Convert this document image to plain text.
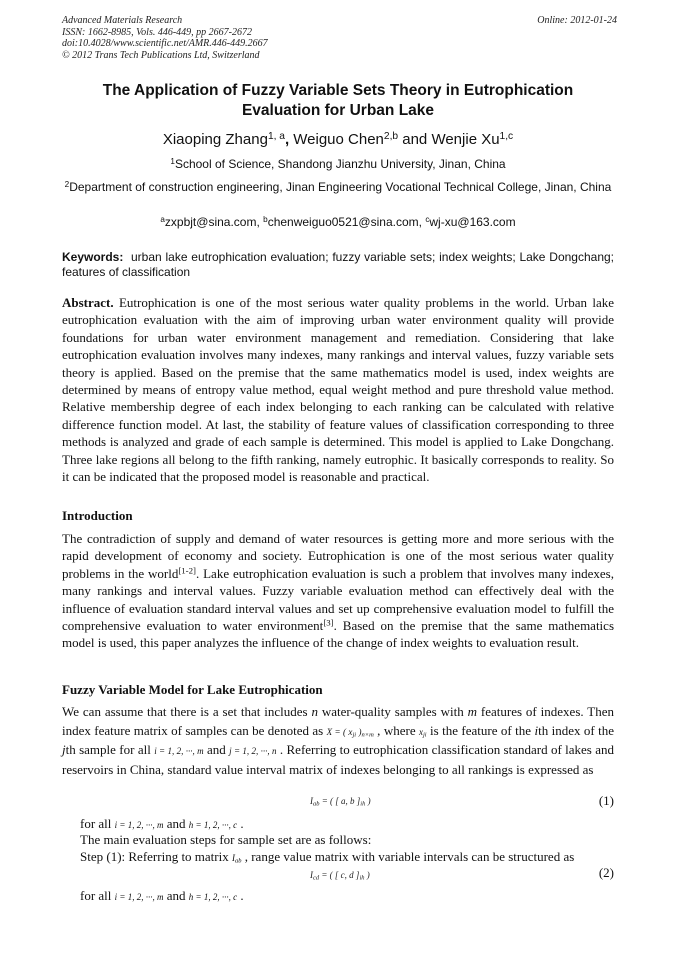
Advanced Materials Research
ISSN: 1662-8985, Vols. 446-449, pp 2667-2672
doi:10.4028/www.scientific.net/AMR.446-449.2667
© 2012 Trans Tech Publications Ltd, Switzerland
Online: 2012-01-24
The Application of Fuzzy Variable Sets Theory in Eutrophication Evaluation for Urban Lake
Xiaoping Zhang$^{1, a}$, Weiguo Chen$^{2,b}$ and Wenjie Xu$^{1,c}$
$^1$School of Science, Shandong Jianzhu University, Jinan, China
$^2$Department of construction engineering, Jinan Engineering Vocational Technical College, Jinan, China
$^a$zxpbjt@sina.com, $^b$chenweiguo0521@sina.com, $^c$wj-xu@163.com
Keywords: urban lake eutrophication evaluation; fuzzy variable sets; index weights; Lake Dongchang; features of classification
Abstract. Eutrophication is one of the most serious water quality problems in the world. Urban lake eutrophication evaluation with the aim of improving urban water environment quality will provide foundations for urban water environment management and remediation. Considering that lake eutrophication evaluation involves many indexes, many rankings and interval values, fuzzy variable sets theory is applied. Based on the premise that the same mathematics model is used, index weights are determined by means of entropy value method, equal weight method and pure threshold value method. Relative membership degree of each index belonging to each ranking can be calculated with relative difference function model. At last, the stability of feature values of classification corresponding to three methods is analyzed and grade of each sample is determined. This model is applied to Lake Dongchang. Three lake regions all belong to the fifth ranking, namely eutrophic. It basically corresponds to reality. So it can be indicated that the proposed model is reasonable and practical.
Introduction
The contradiction of supply and demand of water resources is getting more and more serious with the rapid development of economy and society. Eutrophication is one of the most serious water quality problems in the world[1-2]. Lake eutrophication evaluation is such a problem that involves many indexes, many rankings and interval values. Fuzzy variable evaluation method can effectively deal with the influence of evaluation standard interval values and set up comprehensive evaluation model to fulfill the comprehensive evaluation to water environment[3]. Based on the premise that the same mathematics model is used, this paper analyzes the influence of the change of index weights to evaluation result.
Fuzzy Variable Model for Lake Eutrophication
We can assume that there is a set that includes n water-quality samples with m features of indexes. Then index feature matrix of samples can be denoted as X = ( $x_{ji}$ )$_{n\times m}$ , where $x_{ji}$ is the feature of the ith index of the jth sample for all i = 1, 2, ···, m and j = 1, 2, ···, n . Referring to eutrophication classification standard of lakes and reservoirs in China, standard value interval matrix of indexes belonging to all rankings is expressed as
$I_{ab}$ = ( [ a, b ]$_{ih}$ )	(1)
for all i = 1, 2, ···, m and h = 1, 2, ···, c .
The main evaluation steps for sample set are as follows:
Step (1): Referring to matrix $I_{ab}$ , range value matrix with variable intervals can be structured as
$I_{cd}$ = ( [ c, d ]$_{ih}$ )	(2)
for all i = 1, 2, ···, m and h = 1, 2, ···, c .
